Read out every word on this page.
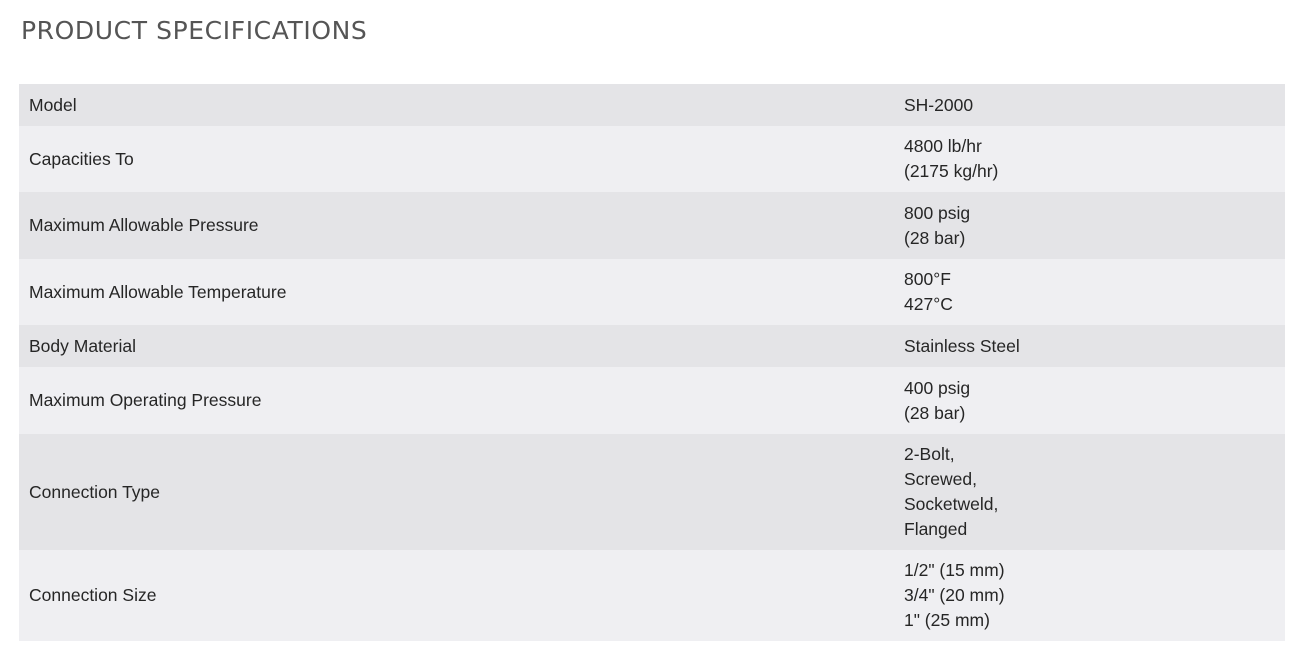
PRODUCT SPECIFICATIONS
Model	SH-2000

Capacities To	4800 lb/hr
(2175 kg/hr)

Maximum Allowable Pressure	800 psig
(28 bar)

Maximum Allowable Temperature	800°F
427°C

Body Material	Stainless Steel

Maximum Operating Pressure	400 psig
(28 bar)

Connection Type	2-Bolt,
Screwed,
Socketweld,
Flanged

Connection Size	1/2" (15 mm)
3/4" (20 mm)
1" (25 mm)
